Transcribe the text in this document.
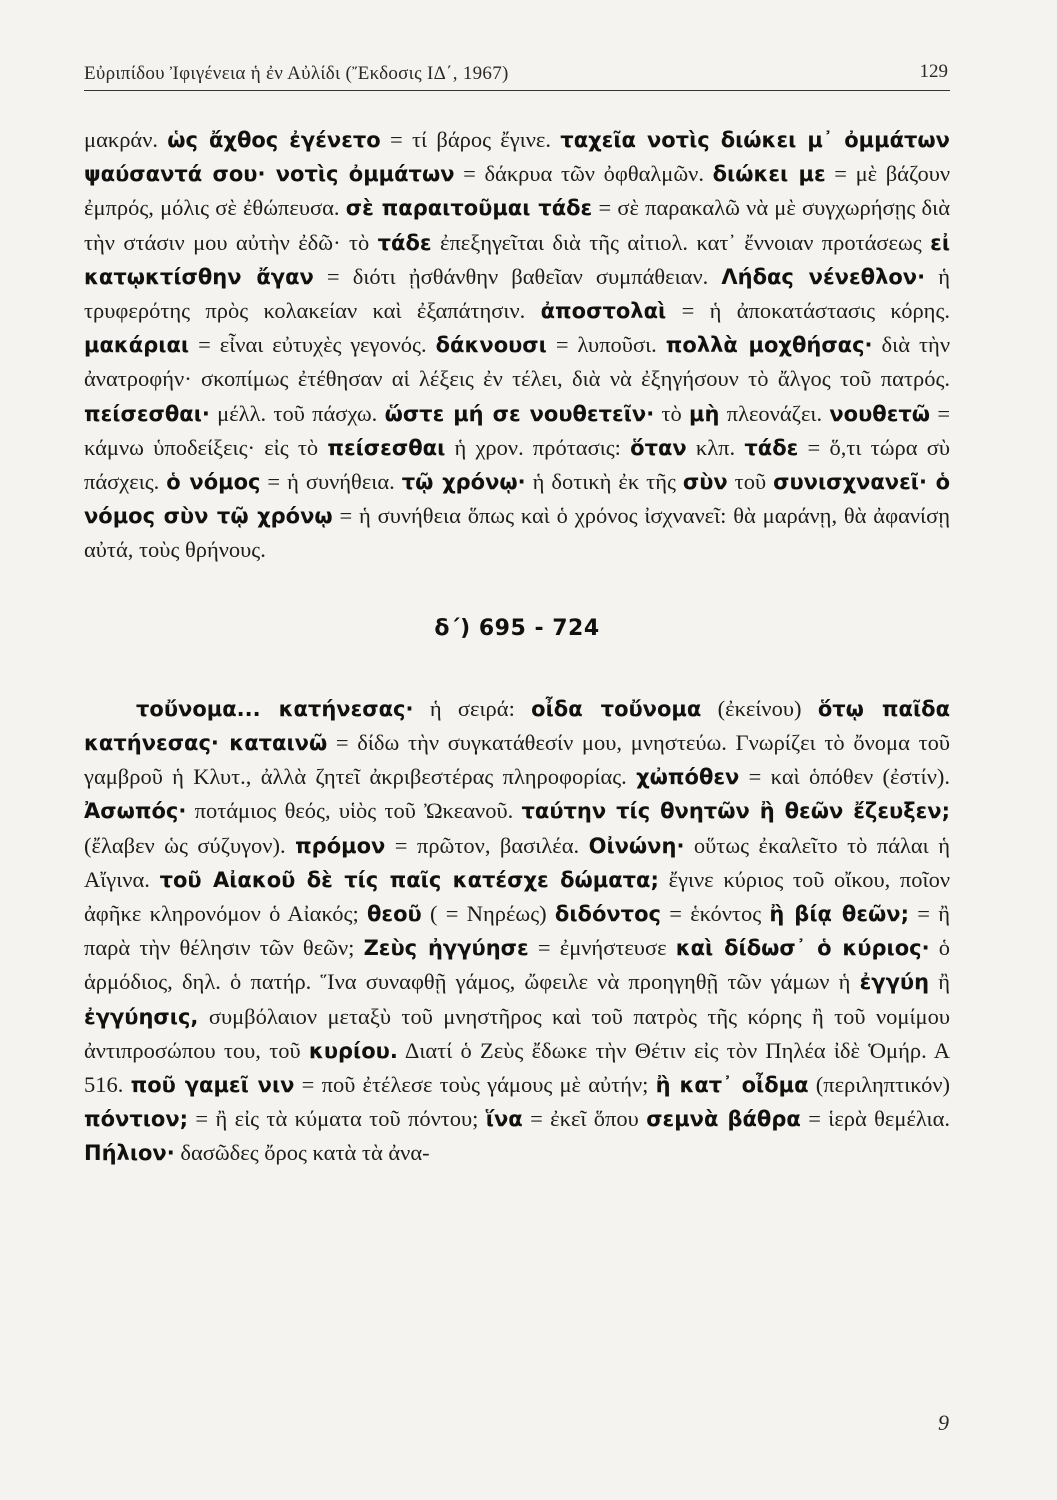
Εὐριπίδου Ἰφιγένεια ἡ ἐν Αὐλίδι (Ἔκδοσις ΙΔ΄, 1967)	129

μακράν. ὡς ἄχθος ἐγένετο = τί βάρος ἔγινε. ταχεῖα νοτὶς διώκει μ᾽ ὀμμάτων ψαύσαντά σου· νοτὶς ὀμμάτων = δάκρυα τῶν ὀφθαλμῶν. διώκει με = μὲ βάζουν ἐμπρός, μόλις σὲ ἐθώπευσα. σὲ παραιτοῦμαι τάδε = σὲ παρακαλῶ νὰ μὲ συγχωρήσῃς διὰ τὴν στάσιν μου αὐτὴν ἐδῶ· τὸ τάδε ἐπεξηγεῖται διὰ τῆς αἰτιολ. κατ᾽ ἔννοιαν προτάσεως εἰ κατῳκτίσθην ἄγαν = διότι ᾐσθάνθην βαθεῖαν συμπάθειαν. Λήδας νένεθλον· ἡ τρυφερότης πρὸς κολακείαν καὶ ἐξαπάτησιν. ἀποστολαὶ = ἡ ἀποκατάστασις κόρης. μακάριαι = εἶναι εὐτυχὲς γεγονός. δάκνουσι = λυποῦσι. πολλὰ μοχθήσας· διὰ τὴν ἀνατροφήν· σκοπίμως ἐτέθησαν αἱ λέξεις ἐν τέλει, διὰ νὰ ἐξηγήσουν τὸ ἄλγος τοῦ πατρός. πείσεσθαι· μέλλ. τοῦ πάσχω. ὥστε μή σε νουθετεῖν· τὸ μὴ πλεονάζει. νουθετῶ = κάμνω ὑποδείξεις· εἰς τὸ πείσεσθαι ἡ χρον. πρότασις: ὅταν κλπ. τάδε = ὅ,τι τώρα σὺ πάσχεις. ὁ νόμος = ἡ συνήθεια. τῷ χρόνῳ· ἡ δοτικὴ ἐκ τῆς σὺν τοῦ συνισχνανεῖ· ὁ νόμος σὺν τῷ χρόνῳ = ἡ συνήθεια ὅπως καὶ ὁ χρόνος ἰσχνανεῖ: θὰ μαράνῃ, θὰ ἀφανίσῃ αὐτά, τοὺς θρήνους.

δ΄) 695 - 724

τοὔνομα... κατήνεσας· ἡ σειρά: οἶδα τοὔνομα (ἐκείνου) ὅτῳ παῖδα κατήνεσας· καταινῶ = δίδω τὴν συγκατάθεσίν μου, μνηστεύω. Γνωρίζει τὸ ὄνομα τοῦ γαμβροῦ ἡ Κλυτ., ἀλλὰ ζητεῖ ἀκριβεστέρας πληροφορίας. χὠπόθεν = καὶ ὁπόθεν (ἐστίν). Ἀσωπός· ποτάμιος θεός, υἱὸς τοῦ Ὠκεανοῦ. ταύτην τίς θνητῶν ἢ θεῶν ἔζευξεν; (ἔλαβεν ὡς σύζυγον). πρόμον = πρῶτον, βασιλέα. Οἰνώνη· οὕτως ἐκαλεῖτο τὸ πάλαι ἡ Αἴγινα. τοῦ Αἰακοῦ δὲ τίς παῖς κατέσχε δώματα; ἔγινε κύριος τοῦ οἴκου, ποῖον ἀφῆκε κληρονόμον ὁ Αἰακός; θεοῦ ( = Νηρέως) διδόντος = ἑκόντος ἢ βίᾳ θεῶν; = ἢ παρὰ τὴν θέλησιν τῶν θεῶν; Ζεὺς ἠγγύησε = ἐμνήστευσε καὶ δίδωσ᾽ ὁ κύριος· ὁ ἁρμόδιος, δηλ. ὁ πατήρ. Ἵνα συναφθῇ γάμος, ὤφειλε νὰ προηγηθῇ τῶν γάμων ἡ ἐγγύη ἢ ἐγγύησις, συμβόλαιον μεταξὺ τοῦ μνηστῆρος καὶ τοῦ πατρὸς τῆς κόρης ἢ τοῦ νομίμου ἀντιπροσώπου του, τοῦ κυρίου. Διατί ὁ Ζεὺς ἔδωκε τὴν Θέτιν εἰς τὸν Πηλέα ἰδὲ Ὁμήρ. Α 516. ποῦ γαμεῖ νιν = ποῦ ἐτέλεσε τοὺς γάμους μὲ αὐτήν; ἢ κατ᾽ οἶδμα (περιληπτικόν) πόντιον; = ἢ εἰς τὰ κύματα τοῦ πόντου; ἵνα = ἐκεῖ ὅπου σεμνὰ βάθρα = ἱερὰ θεμέλια. Πήλιον· δασῶδες ὄρος κατὰ τὰ ἀνα-

9
